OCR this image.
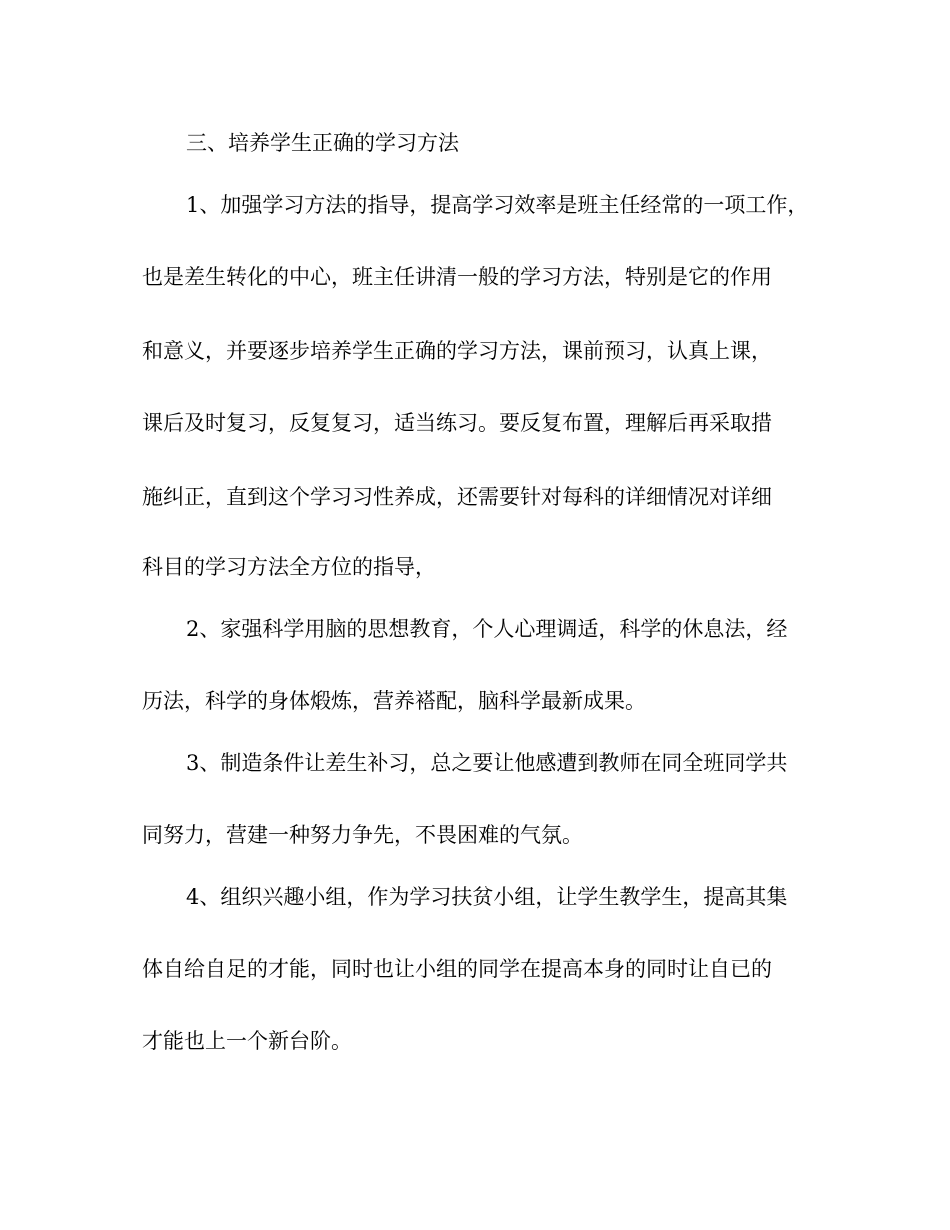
三、培养学生正确的学习方法
1、加强学习方法的指导，提高学习效率是班主任经常的一项工作，
也是差生转化的中心，班主任讲清一般的学习方法，特别是它的作用
和意义，并要逐步培养学生正确的学习方法，课前预习，认真上课，
课后及时复习，反复复习，适当练习。要反复布置，理解后再采取措
施纠正，直到这个学习习性养成，还需要针对每科的详细情况对详细
科目的学习方法全方位的指导，
2、家强科学用脑的思想教育，个人心理调适，科学的休息法，经
历法，科学的身体煅炼，营养褡配，脑科学最新成果。
3、制造条件让差生补习，总之要让他感遭到教师在同全班同学共
同努力，营建一种努力争先，不畏困难的气氛。
4、组织兴趣小组，作为学习扶贫小组，让学生教学生，提高其集
体自给自足的才能，同时也让小组的同学在提高本身的同时让自已的
才能也上一个新台阶。
